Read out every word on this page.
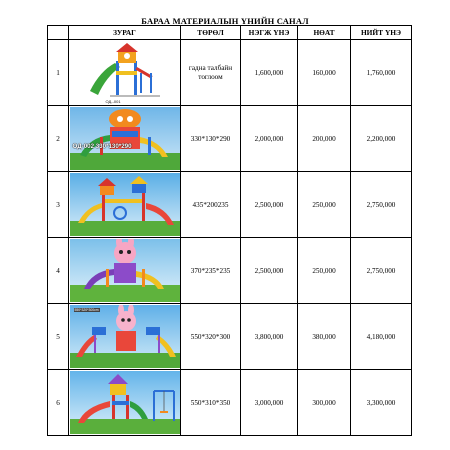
БАРАА МАТЕРИАЛЫН ҮНИЙН САНАЛ
	ЗУРАГ	ТӨРӨЛ	НЭГЖ ҮНЭ	НӨАТ	НИЙТ ҮНЭ
1	ОД--001	гадна талбайн тоглоом	1,600,000	160,000	1,760,000
2	ОД-002 330*130*290	330*130*290	2,000,000	200,000	2,200,000
3		435*200235	2,500,000	250,000	2,750,000
4		370*235*235	2,500,000	250,000	2,750,000
5	550*320*300cm	550*320*300	3,800,000	380,000	4,180,000
6		550*310*350	3,000,000	300,000	3,300,000
